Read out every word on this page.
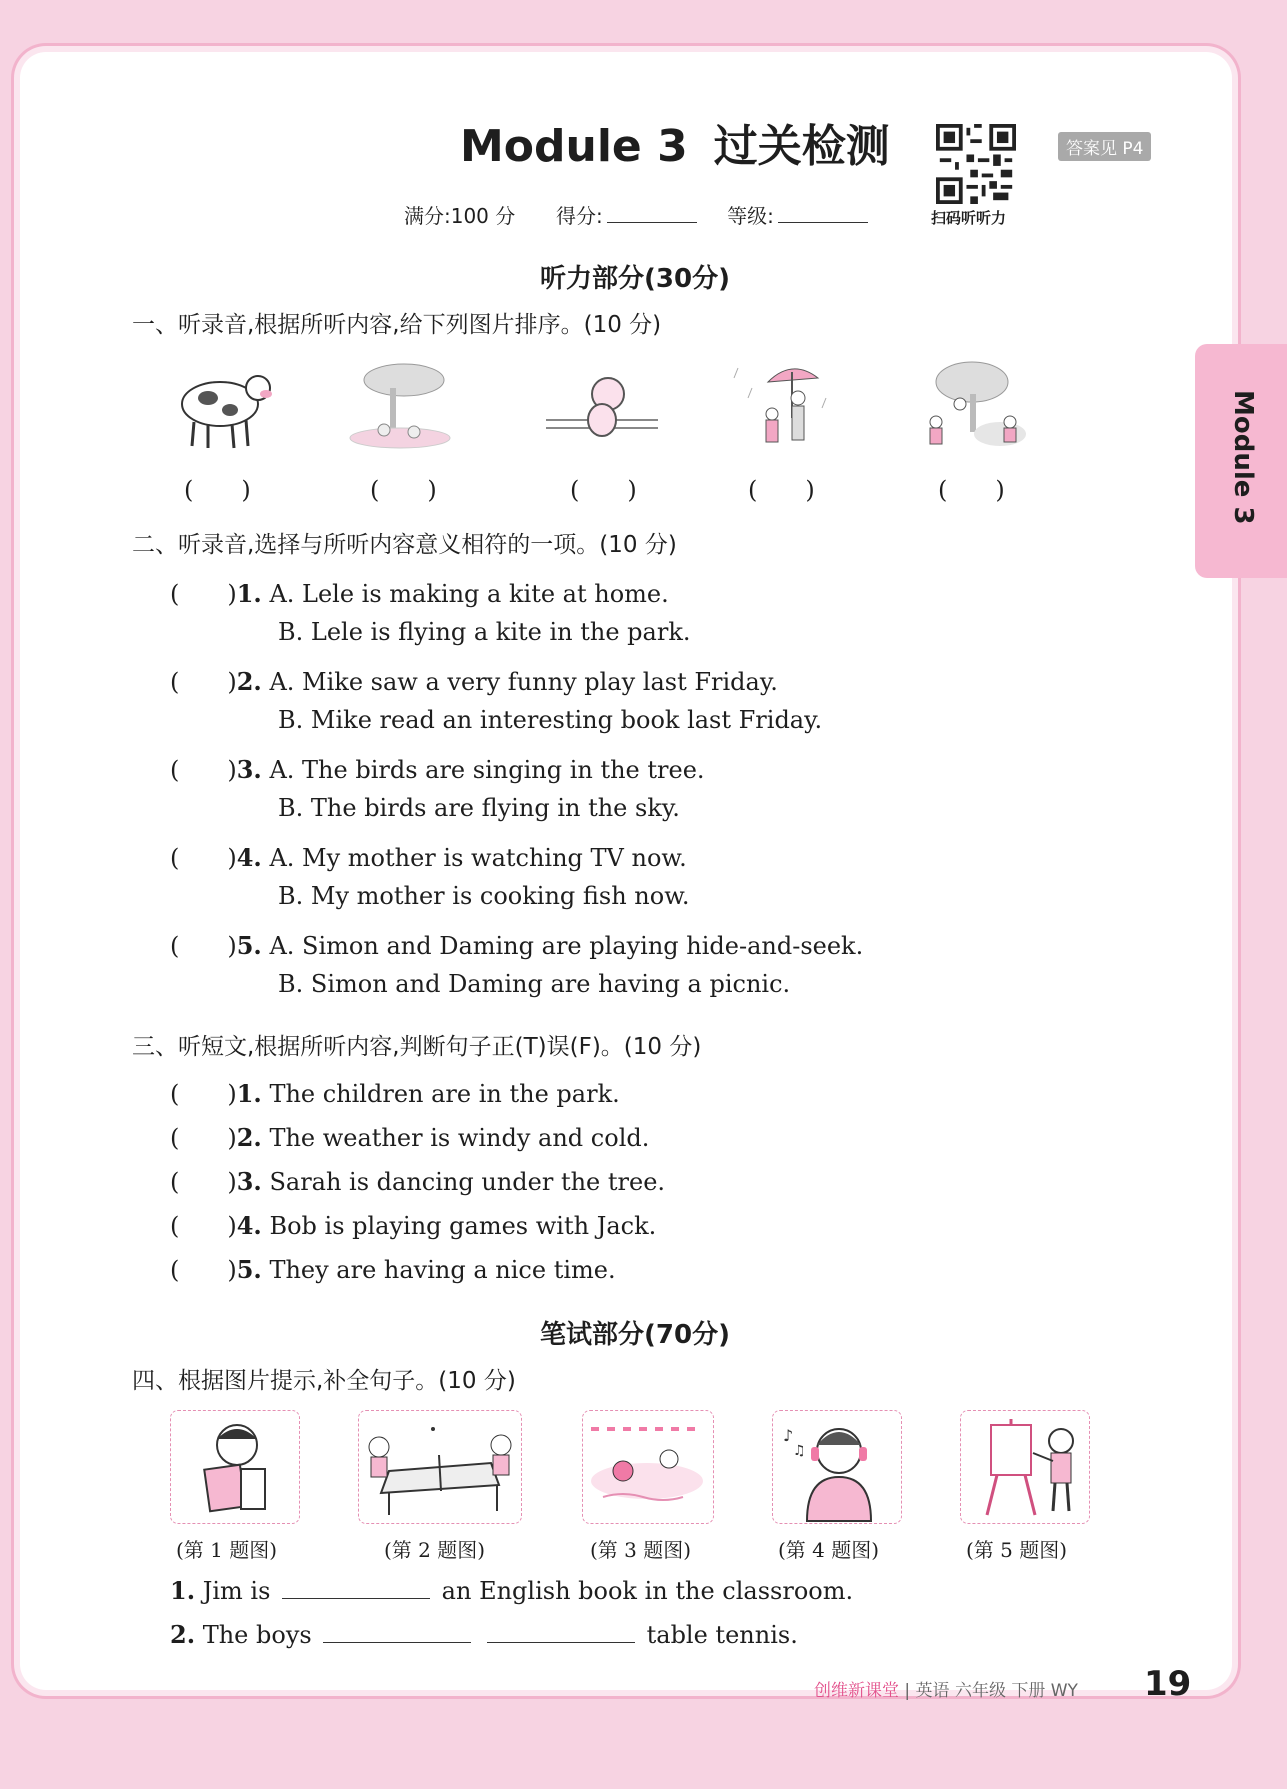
Module 3
Module 3 过关检测
满分:100 分 得分:	等级:	扫码听听力
答案见 P4
听力部分(30分)
一、听录音,根据所听内容,给下列图片排序。(10 分)
(　　)	(　　)	(　　)	(　　)	(　　)
二、听录音,选择与所听内容意义相符的一项。(10 分)
(　　)1. A. Lele is making a kite at home.
B. Lele is flying a kite in the park.
(　　)2. A. Mike saw a very funny play last Friday.
B. Mike read an interesting book last Friday.
(　　)3. A. The birds are singing in the tree.
B. The birds are flying in the sky.
(　　)4. A. My mother is watching TV now.
B. My mother is cooking fish now.
(　　)5. A. Simon and Daming are playing hide-and-seek.
B. Simon and Daming are having a picnic.
三、听短文,根据所听内容,判断句子正(T)误(F)。(10 分)
(　　)1. The children are in the park.
(　　)2. The weather is windy and cold.
(　　)3. Sarah is dancing under the tree.
(　　)4. Bob is playing games with Jack.
(　　)5. They are having a nice time.
笔试部分(70分)
四、根据图片提示,补全句子。(10 分)
♪
♫
(第 1 题图)	(第 2 题图)	(第 3 题图)	(第 4 题图)	(第 5 题图)
1. Jim is	an English book in the classroom.
2. The boys	table tennis.
创维新课堂 | 英语 六年级 下册 WY 19
